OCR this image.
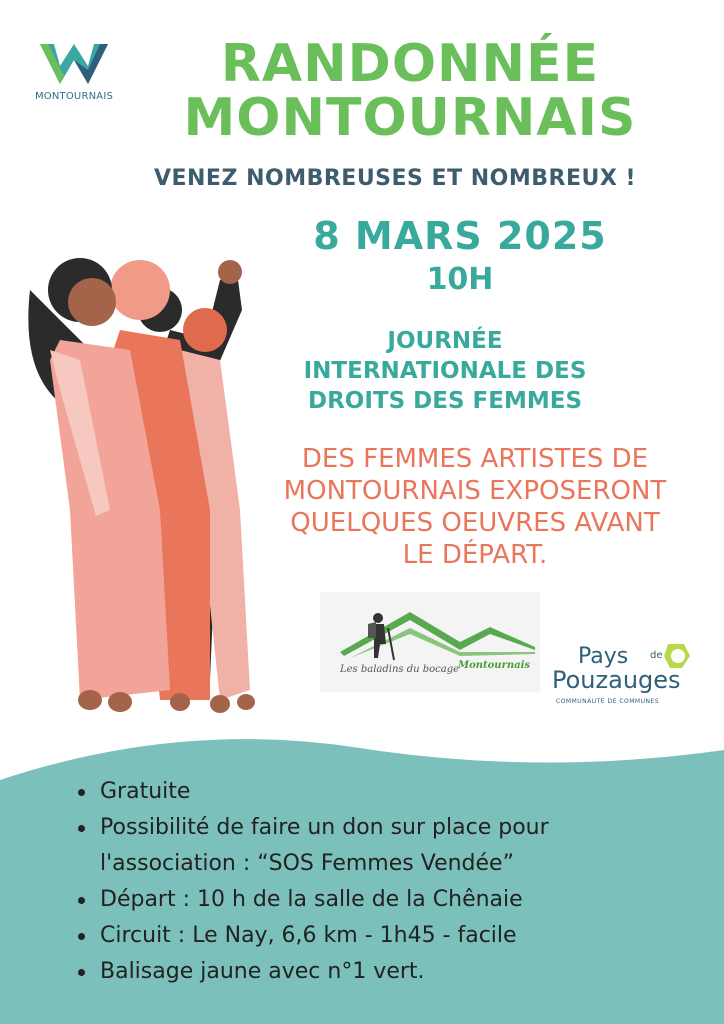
MONTOURNAIS
RANDONNÉE
MONTOURNAIS
VENEZ NOMBREUSES ET NOMBREUX !
8 MARS 2025
10H
JOURNÉE
INTERNATIONALE DES
DROITS DES FEMMES
DES FEMMES ARTISTES DE
MONTOURNAIS EXPOSERONT
QUELQUES OEUVRES AVANT
LE DÉPART.
Les baladins du bocage
Montournais Pays de
Pouzauges
COMMUNAUTÉ DE COMMUNES
Gratuite
Possibilité de faire un don sur place pour
l'association : “SOS Femmes Vendée”
Départ : 10 h de la salle de la Chênaie
Circuit : Le Nay, 6,6 km - 1h45 - facile
Balisage jaune avec n°1 vert.
